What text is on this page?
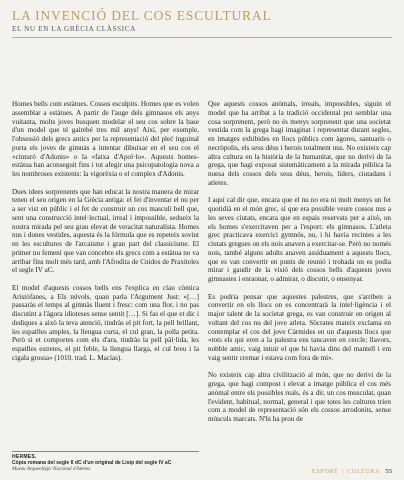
LA INVENCIÓ DEL COS ESCULTURAL
EL NU EN LA GRÈCIA CLÀSSICA

Homes bells com estàtues. Cossos esculpits. Homes que es volen assemblar a estàtues. A partir de l'auge dels gimnasos els anys vuitanta, molts joves busquen modelar el seu cos sobre la base d'un model que té gairebé tres mil anys! Així, per exemple, l'obsessió dels grecs antics per la representació del pleć inguinal porta els joves de gimnàs a intentar dibuixar en el seu cos el «cinturó d'Adonis» o la «faixa d'Apol·lo». Aquests homes-estàtua han aconseguit fins i tot afegir una psicopatologia nova a les nombroses existents: la vigorèxia o el complex d'Adonis.

Dues idees sorprenents que han educat la nostra manera de mirar tenen el seu origen en la Grècia antiga: el fet d'inventar el nu per a ser vist en públic i el fet de construir un cos masculí bell que, sent una construcció intel·lectual, irreal i impossible, sedueix la nostra mirada pel seu grau elevat de veracitat naturalista. Homes nus i dones vestides, aquesta és la fórmula que es repeteix sovint en les escultures de l'arcaisme i gran part del classicisme. El primer nu femení que van concebre els grecs com a estàtua no va arribar fins molt més tard, amb l'Afrodita de Cnidos de Praxiteles el segle IV aC.

El model d'aquests cossos bells ens l'explica en clau còmica Aristòfanes, a Els núvols, quan parla l'Argument Just: «[…] passaràs el temps al gimnàs lluent i fresc: com una flor, i no pas discutint a l'àgora idioteses sense sentit […]. Si fas el que et dic i dediques a això la teva atenció, tindràs el pit fort, la pell brillant, les espatlles amples, la llengua curta, el cul gran, la polla petita. Però si et comportes com els d'ara, tindràs la pell pàl·lida, les espatlles estretes, el pit feble, la llengua llarga, el cul breu i la cigala grossa» (1010, trad. L. Macías).

Que aquests cossos anòmals, irreals, impossibles, siguin el model que ha arribat a la tradició occidental pot semblar una cosa sorprenent, però no és menys sorprenent que una societat vestida com la grega hagi imaginat i representat durant segles, en imatges exhibides en llocs públics com àgores, santuaris o necròpolis, els seus déus i herois totalment nus. No existeix cap altra cultura en la història de la humanitat, que no derivi de la grega, que hagi exposat sistemàticament a la mirada pública la nuesa dels cossos dels seus déus, herois, líders, ciutadans i atletes.

I aquí cal dir que, encara que el nu no era ni molt menys un fet quotidià en el món grec, sí que era possible veure cossos nus a les seves ciutats, encara que en espais reservats per a això, on els homes s'exercitaven per a l'esport: els gimnasos. L'atleta grec practicava exercici gymnós, nu, i hi havia recintes a les ciutats gregues on els nois anaven a exercitar-se. Però no només nois, també alguns adults anaven assíduament a aquests llocs, que es van convertir en punts de reunió i trobada on es podia mirar i gaudir de la visió dels cossos bells d'aquests joves gimnastes i enraonar, o admirar, o discutir, o ensenyar.

Es podria pensar que aquestes palestres, que s'arriben a convertir en els llocs on es concentrarà la intel·ligència i el major talent de la societat grega, es van construir en origen al voltant del cos nu del jove atleta. Sòcrates mateix exclama en contemplar el cos del jove Càrmides en un d'aquests llocs que «tots els qui eren a la palestra ens tancaven en cercle; llavors, nobble amic, vaig intuir el que hi havia dins del mantell i em vaig sentir cremar i estava com fora de mi».

No existeix cap altra civilització al món, que no derivi de la grega, que hagi compost i elevat a imatge pública el cos més anòmal entre els possibles reals, és a dir, un cos musculat, quan l'evident, habitual, normal, general i que totes les cultures trien com a model de representació són els cossos arrodonits, sense músculs marcats. N'hi ha prou de

HERMES.
Còpia romana del segle II dC d'un original de Lisip del segle IV aC
Museu Arqueològic Nacional d'Atenes	ESPORT | CULTURA 55
